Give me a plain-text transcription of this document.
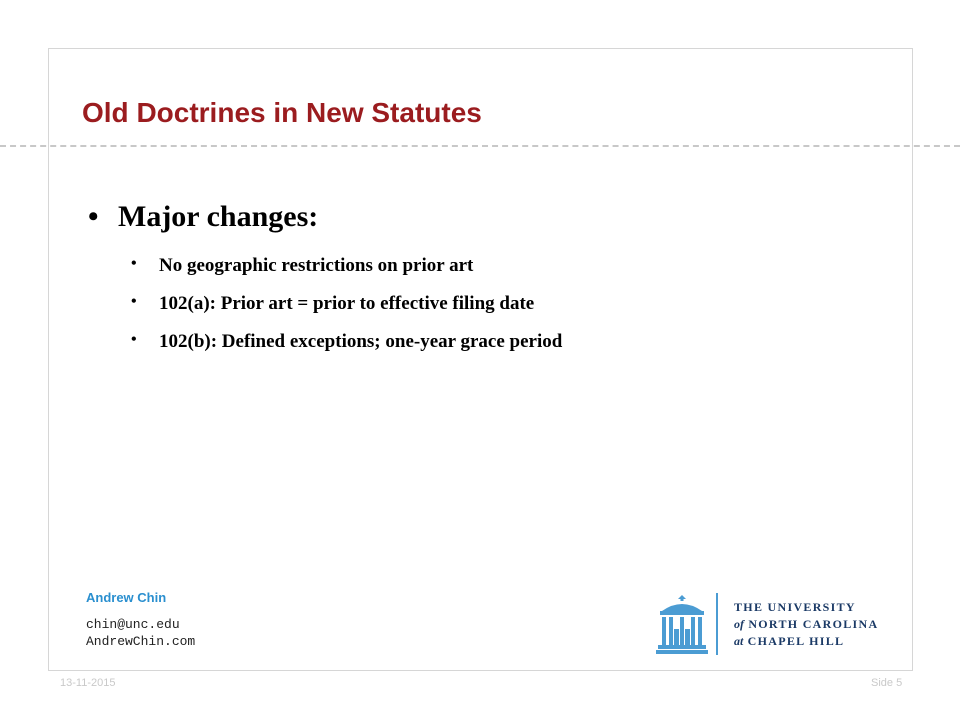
Old Doctrines in New Statutes
• Major changes:
• No geographic restrictions on prior art
• 102(a): Prior art = prior to effective filing date
• 102(b): Defined exceptions; one-year grace period
Andrew Chin
chin@unc.edu
AndrewChin.com
13-11-2015	Side 5
THE UNIVERSITY
of NORTH CAROLINA
at CHAPEL HILL
